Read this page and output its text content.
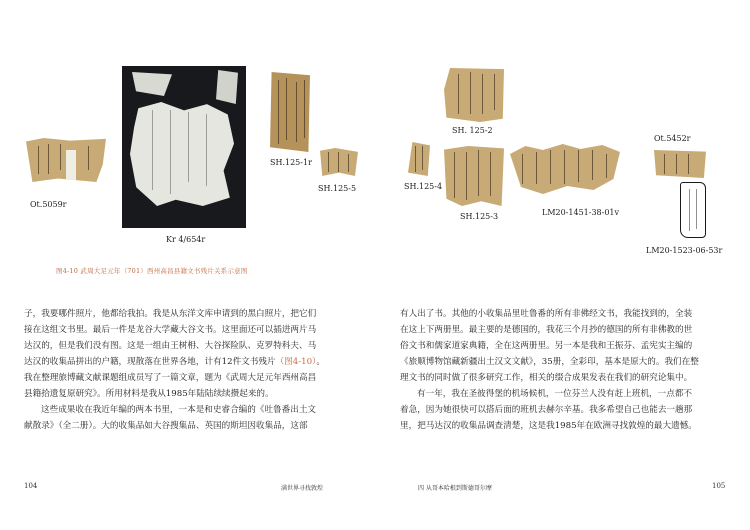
Ot.5059r
Kr 4/654r
SH.125-1r
SH.125-5
图4-10 武周大足元年（701）西州高昌县籍文书残片关系示意图

子，我要哪件照片，他都给我拍。我是从东洋文库申请到的黑白照片，把它们

接在这组文书里。最后一件是龙谷大学藏大谷文书。这里面还可以插进两片马

达汉的，但是我们没有图。这是一组由王树枏、大谷探险队、克罗特科夫、马

达汉的收集品拼出的户籍，现散落在世界各地，计有12件文书残片（图4-10）。

我在整理旅博藏文献课题组成员写了一篇文章，题为《武周大足元年西州高昌

县籍拾遗复原研究》。所用材料是我从1985年陆陆续续攒起来的。

这些成果收在我近年编的两本书里，一本是和史睿合编的《吐鲁番出土文

献散录》（全二册）。大的收集品如大谷搜集品、英国的斯坦因收集品，这部

104	满世界寻找敦煌
SH. 125-2
SH.125-4
SH.125-3	LM20-1451-38-01v
Ot.5452r
LM20-1523-06-53r

有人出了书。其他的小收集品里吐鲁番的所有非佛经文书，我能找到的，全装

在这上下两册里。最主要的是德国的，我花三个月抄的德国的所有非佛教的世

俗文书和儒家道家典籍，全在这两册里。另一本是我和王振芬、孟宪实主编的

《旅顺博物馆藏新疆出土汉文文献》，35册，全彩印，基本是原大的。我们在整

理文书的同时做了很多研究工作，相关的缀合成果发表在我们的研究论集中。

有一年，我在圣彼得堡的机场候机，一位芬兰人没有赶上班机，一点都不

着急，因为她很快可以搭后面的班机去赫尔辛基。我多希望自己也能去一趟那

里，把马达汉的收集品调查清楚，这是我1985年在欧洲寻找敦煌的最大遗憾。

四 从哥本哈根到斯德哥尔摩	105
